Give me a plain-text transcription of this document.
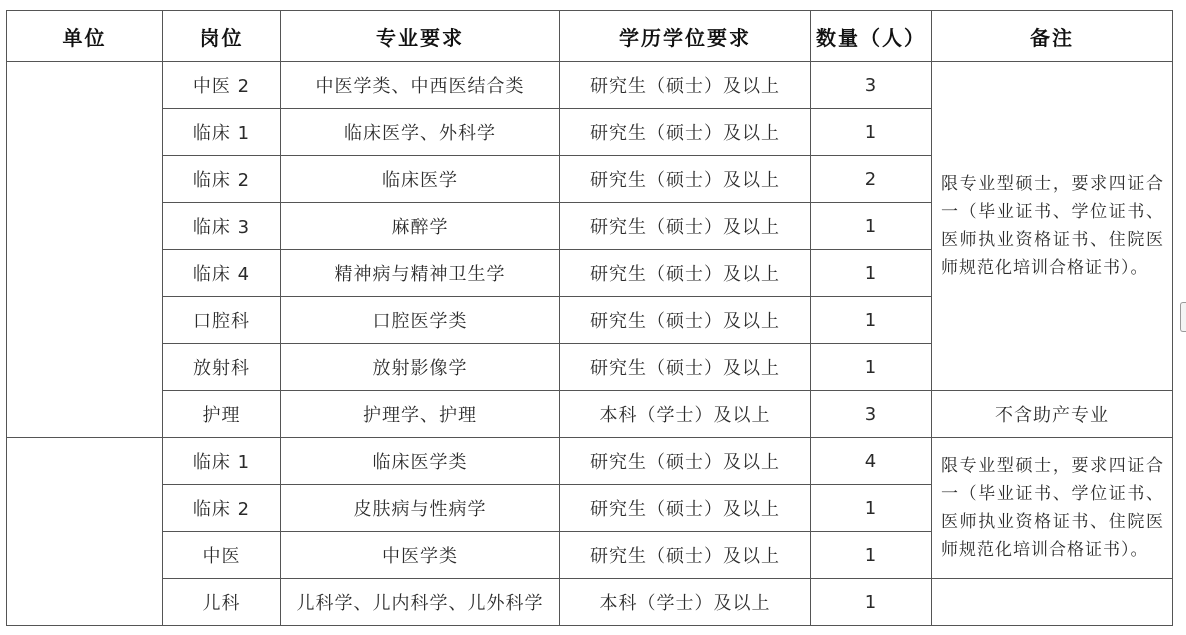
单位	岗位	专业要求	学历学位要求	数量（人）	备注
	中医 2	中医学类、中西医结合类	研究生（硕士）及以上	3	限专业型硕士，要求四证合一（毕业证书、学位证书、医师执业资格证书、住院医师规范化培训合格证书）。
	临床 1	临床医学、外科学	研究生（硕士）及以上	1	
	临床 2	临床医学	研究生（硕士）及以上	2	
	临床 3	麻醉学	研究生（硕士）及以上	1	
	临床 4	精神病与精神卫生学	研究生（硕士）及以上	1	
	口腔科	口腔医学类	研究生（硕士）及以上	1	
	放射科	放射影像学	研究生（硕士）及以上	1	
	护理	护理学、护理	本科（学士）及以上	3	不含助产专业
	临床 1	临床医学类	研究生（硕士）及以上	4	限专业型硕士，要求四证合一（毕业证书、学位证书、医师执业资格证书、住院医师规范化培训合格证书）。
	临床 2	皮肤病与性病学	研究生（硕士）及以上	1	
	中医	中医学类	研究生（硕士）及以上	1	
	儿科	儿科学、儿内科学、儿外科学	本科（学士）及以上	1	
